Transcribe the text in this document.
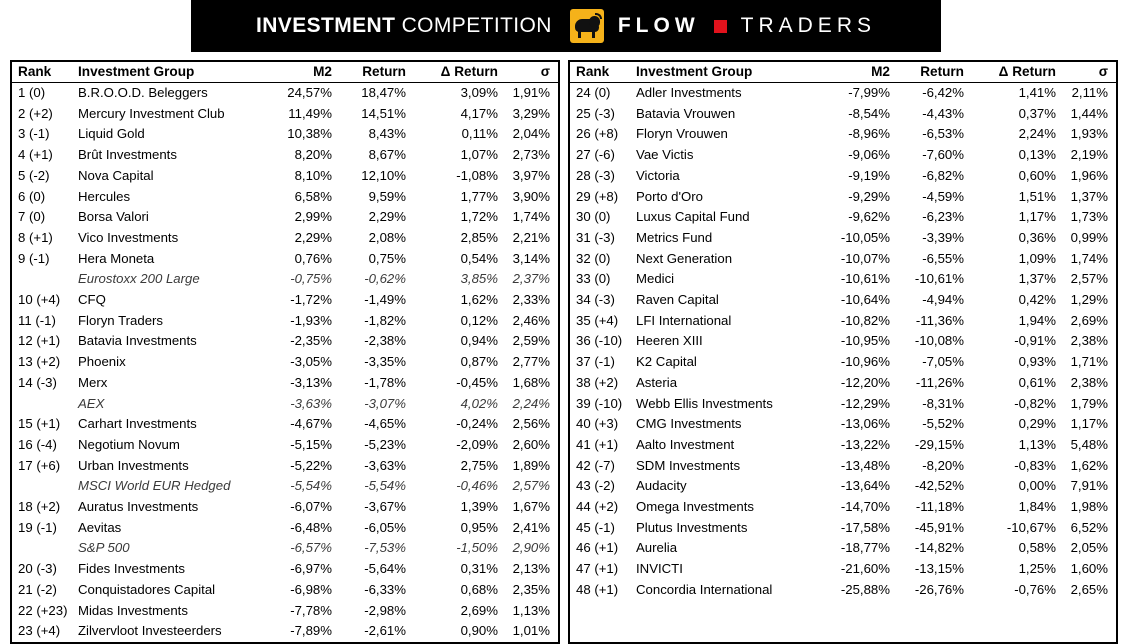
INVESTMENT COMPETITION	FLOW TRADERS
Rank	Investment Group	M2	Return	Δ Return	σ
1 (0)	B.R.O.O.D. Beleggers	24,57%	18,47%	3,09%	1,91%
2 (+2)	Mercury Investment Club	11,49%	14,51%	4,17%	3,29%
3 (-1)	Liquid Gold	10,38%	8,43%	0,11%	2,04%
4 (+1)	Brût Investments	8,20%	8,67%	1,07%	2,73%
5 (-2)	Nova Capital	8,10%	12,10%	-1,08%	3,97%
6 (0)	Hercules	6,58%	9,59%	1,77%	3,90%
7 (0)	Borsa Valori	2,99%	2,29%	1,72%	1,74%
8 (+1)	Vico Investments	2,29%	2,08%	2,85%	2,21%
9 (-1)	Hera Moneta	0,76%	0,75%	0,54%	3,14%
	Eurostoxx 200 Large	-0,75%	-0,62%	3,85%	2,37%
10 (+4)	CFQ	-1,72%	-1,49%	1,62%	2,33%
11 (-1)	Floryn Traders	-1,93%	-1,82%	0,12%	2,46%
12 (+1)	Batavia Investments	-2,35%	-2,38%	0,94%	2,59%
13 (+2)	Phoenix	-3,05%	-3,35%	0,87%	2,77%
14 (-3)	Merx	-3,13%	-1,78%	-0,45%	1,68%
	AEX	-3,63%	-3,07%	4,02%	2,24%
15 (+1)	Carhart Investments	-4,67%	-4,65%	-0,24%	2,56%
16 (-4)	Negotium Novum	-5,15%	-5,23%	-2,09%	2,60%
17 (+6)	Urban Investments	-5,22%	-3,63%	2,75%	1,89%
	MSCI World EUR Hedged	-5,54%	-5,54%	-0,46%	2,57%
18 (+2)	Auratus Investments	-6,07%	-3,67%	1,39%	1,67%
19 (-1)	Aevitas	-6,48%	-6,05%	0,95%	2,41%
	S&P 500	-6,57%	-7,53%	-1,50%	2,90%
20 (-3)	Fides Investments	-6,97%	-5,64%	0,31%	2,13%
21 (-2)	Conquistadores Capital	-6,98%	-6,33%	0,68%	2,35%
22 (+23)	Midas Investments	-7,78%	-2,98%	2,69%	1,13%
23 (+4)	Zilvervloot Investeerders	-7,89%	-2,61%	0,90%	1,01%
Rank	Investment Group	M2	Return	Δ Return	σ
24 (0)	Adler Investments	-7,99%	-6,42%	1,41%	2,11%
25 (-3)	Batavia Vrouwen	-8,54%	-4,43%	0,37%	1,44%
26 (+8)	Floryn Vrouwen	-8,96%	-6,53%	2,24%	1,93%
27 (-6)	Vae Victis	-9,06%	-7,60%	0,13%	2,19%
28 (-3)	Victoria	-9,19%	-6,82%	0,60%	1,96%
29 (+8)	Porto d'Oro	-9,29%	-4,59%	1,51%	1,37%
30 (0)	Luxus Capital Fund	-9,62%	-6,23%	1,17%	1,73%
31 (-3)	Metrics Fund	-10,05%	-3,39%	0,36%	0,99%
32 (0)	Next Generation	-10,07%	-6,55%	1,09%	1,74%
33 (0)	Medici	-10,61%	-10,61%	1,37%	2,57%
34 (-3)	Raven Capital	-10,64%	-4,94%	0,42%	1,29%
35 (+4)	LFI International	-10,82%	-11,36%	1,94%	2,69%
36 (-10)	Heeren XIII	-10,95%	-10,08%	-0,91%	2,38%
37 (-1)	K2 Capital	-10,96%	-7,05%	0,93%	1,71%
38 (+2)	Asteria	-12,20%	-11,26%	0,61%	2,38%
39 (-10)	Webb Ellis Investments	-12,29%	-8,31%	-0,82%	1,79%
40 (+3)	CMG Investments	-13,06%	-5,52%	0,29%	1,17%
41 (+1)	Aalto Investment	-13,22%	-29,15%	1,13%	5,48%
42 (-7)	SDM Investments	-13,48%	-8,20%	-0,83%	1,62%
43 (-2)	Audacity	-13,64%	-42,52%	0,00%	7,91%
44 (+2)	Omega Investments	-14,70%	-11,18%	1,84%	1,98%
45 (-1)	Plutus Investments	-17,58%	-45,91%	-10,67%	6,52%
46 (+1)	Aurelia	-18,77%	-14,82%	0,58%	2,05%
47 (+1)	INVICTI	-21,60%	-13,15%	1,25%	1,60%
48 (+1)	Concordia International	-25,88%	-26,76%	-0,76%	2,65%
